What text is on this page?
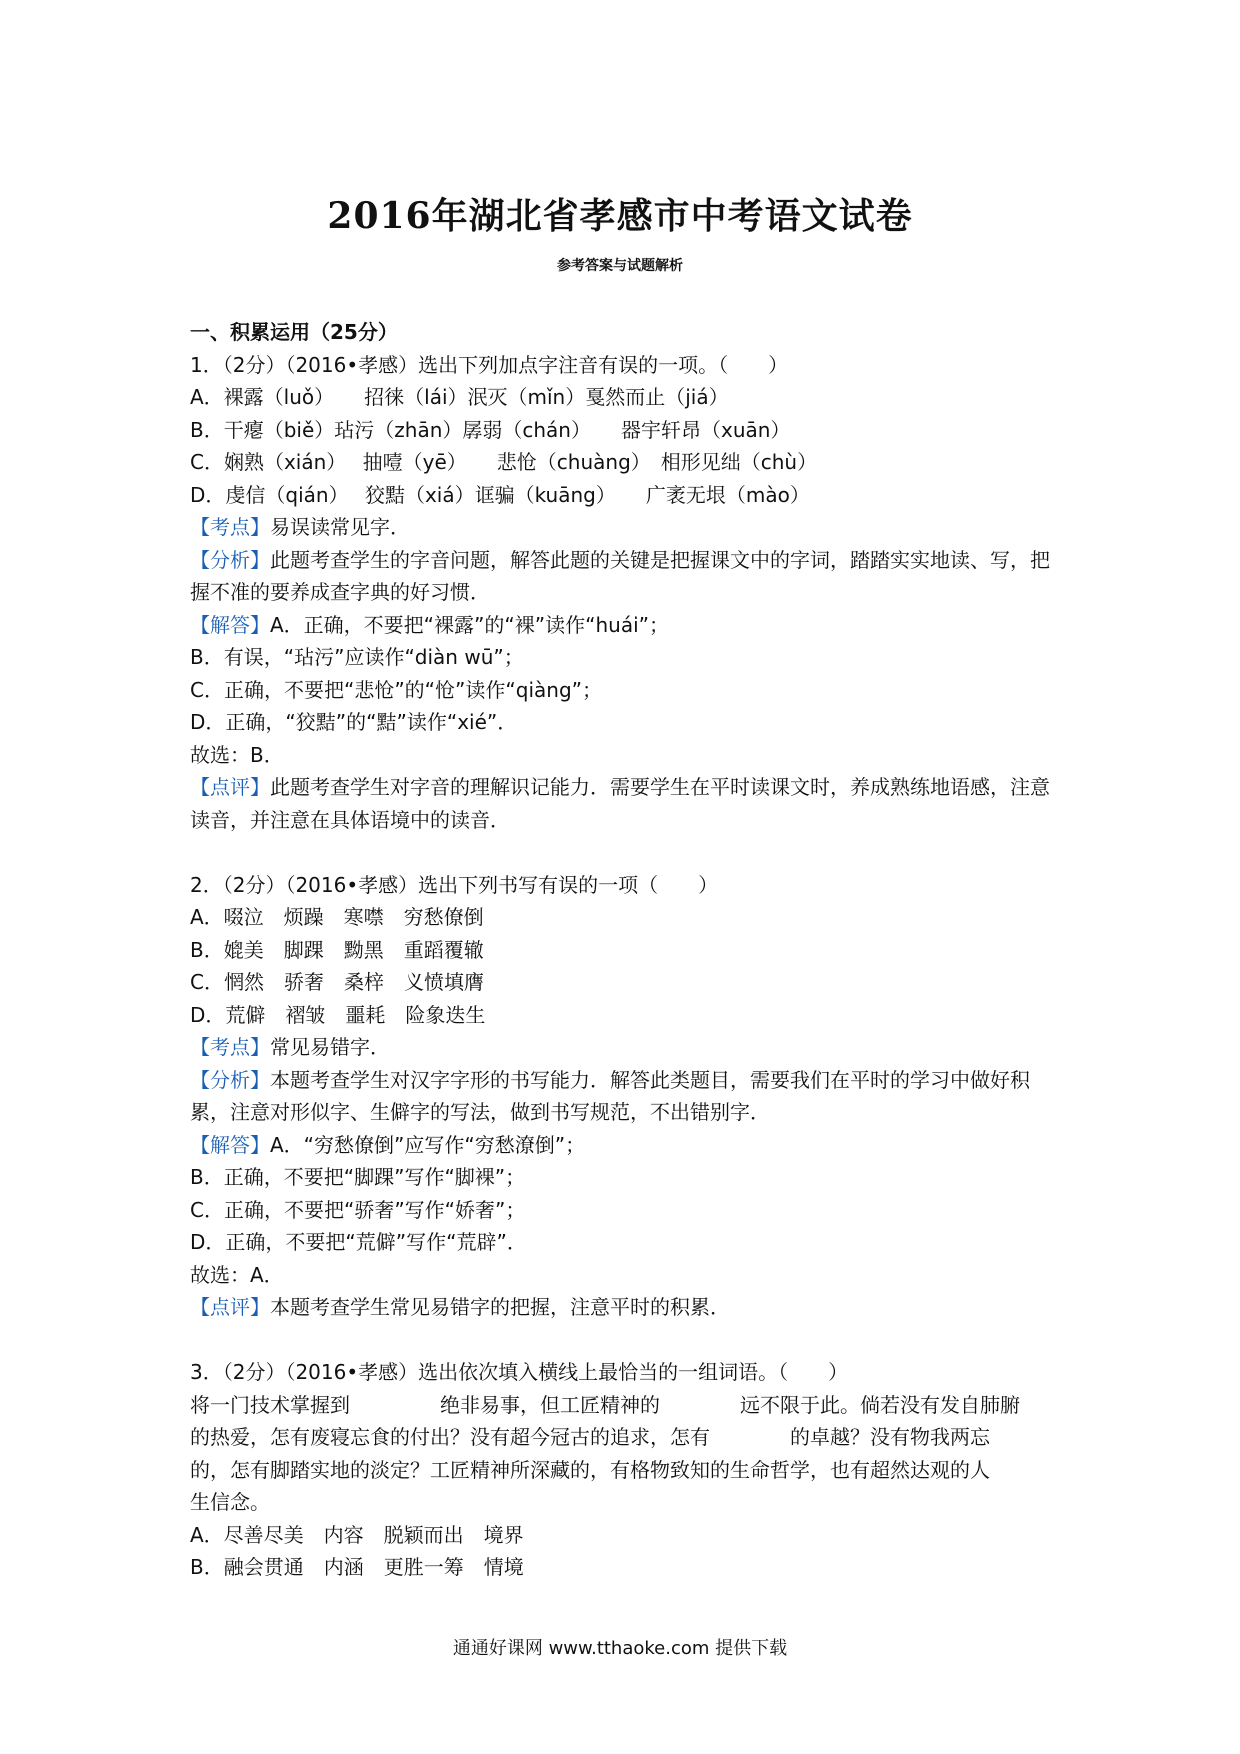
2016年湖北省孝感市中考语文试卷
参考答案与试题解析
一、积累运用（25分）
1．（2分）（2016•孝感）选出下列加点字注音有误的一项。（　　）
A．裸露（luǒ）　　招徕（lái）泯灭（mǐn）戛然而止（jiá）
B．干瘪（biě）玷污（zhān）孱弱（chán）　　器宇轩昂（xuān）
C．娴熟（xián）　 抽噎（yē）　　悲怆（chuàng）　相形见绌（chù）
D．虔信（qián）　 狡黠（xiá）诓骗（kuāng）　　广袤无垠（mào）
【考点】易误读常见字．
【分析】此题考查学生的字音问题，解答此题的关键是把握课文中的字词，踏踏实实地读、写，把握不准的要养成查字典的好习惯．
【解答】A．正确，不要把“裸露”的“裸”读作“huái”；
B．有误，“玷污”应读作“diàn wū”；
C．正确，不要把“悲怆”的“怆”读作“qiàng”；
D．正确，“狡黠”的“黠”读作“xié”．
故选：B．
【点评】此题考查学生对字音的理解识记能力．需要学生在平时读课文时，养成熟练地语感，注意读音，并注意在具体语境中的读音．
2．（2分）（2016•孝感）选出下列书写有误的一项（　　）
A．啜泣　烦躁　寒噤　穷愁僚倒
B．媲美　脚踝　黝黑　重蹈覆辙
C．惘然　骄奢　桑梓　义愤填膺
D．荒僻　褶皱　噩耗　险象迭生
【考点】常见易错字．
【分析】本题考查学生对汉字字形的书写能力．解答此类题目，需要我们在平时的学习中做好积累，注意对形似字、生僻字的写法，做到书写规范，不出错别字．
【解答】A．“穷愁僚倒”应写作“穷愁潦倒”；
B．正确，不要把“脚踝”写作“脚裸”；
C．正确，不要把“骄奢”写作“娇奢”；
D．正确，不要把“荒僻”写作“荒辟”．
故选：A．
【点评】本题考查学生常见易错字的把握，注意平时的积累．
3．（2分）（2016•孝感）选出依次填入横线上最恰当的一组词语。（　　）
将一门技术掌握到	绝非易事，但工匠精神的	远不限于此。倘若没有发自肺腑
的热爱，怎有废寝忘食的付出？没有超今冠古的追求，怎有	的卓越？没有物我两忘
的，怎有脚踏实地的淡定？工匠精神所深藏的，有格物致知的生命哲学，也有超然达观的人
生信念。
A．尽善尽美　内容　脱颖而出　境界
B．融会贯通　内涵　更胜一筹　情境
通通好课网 www.tthaoke.com 提供下载
